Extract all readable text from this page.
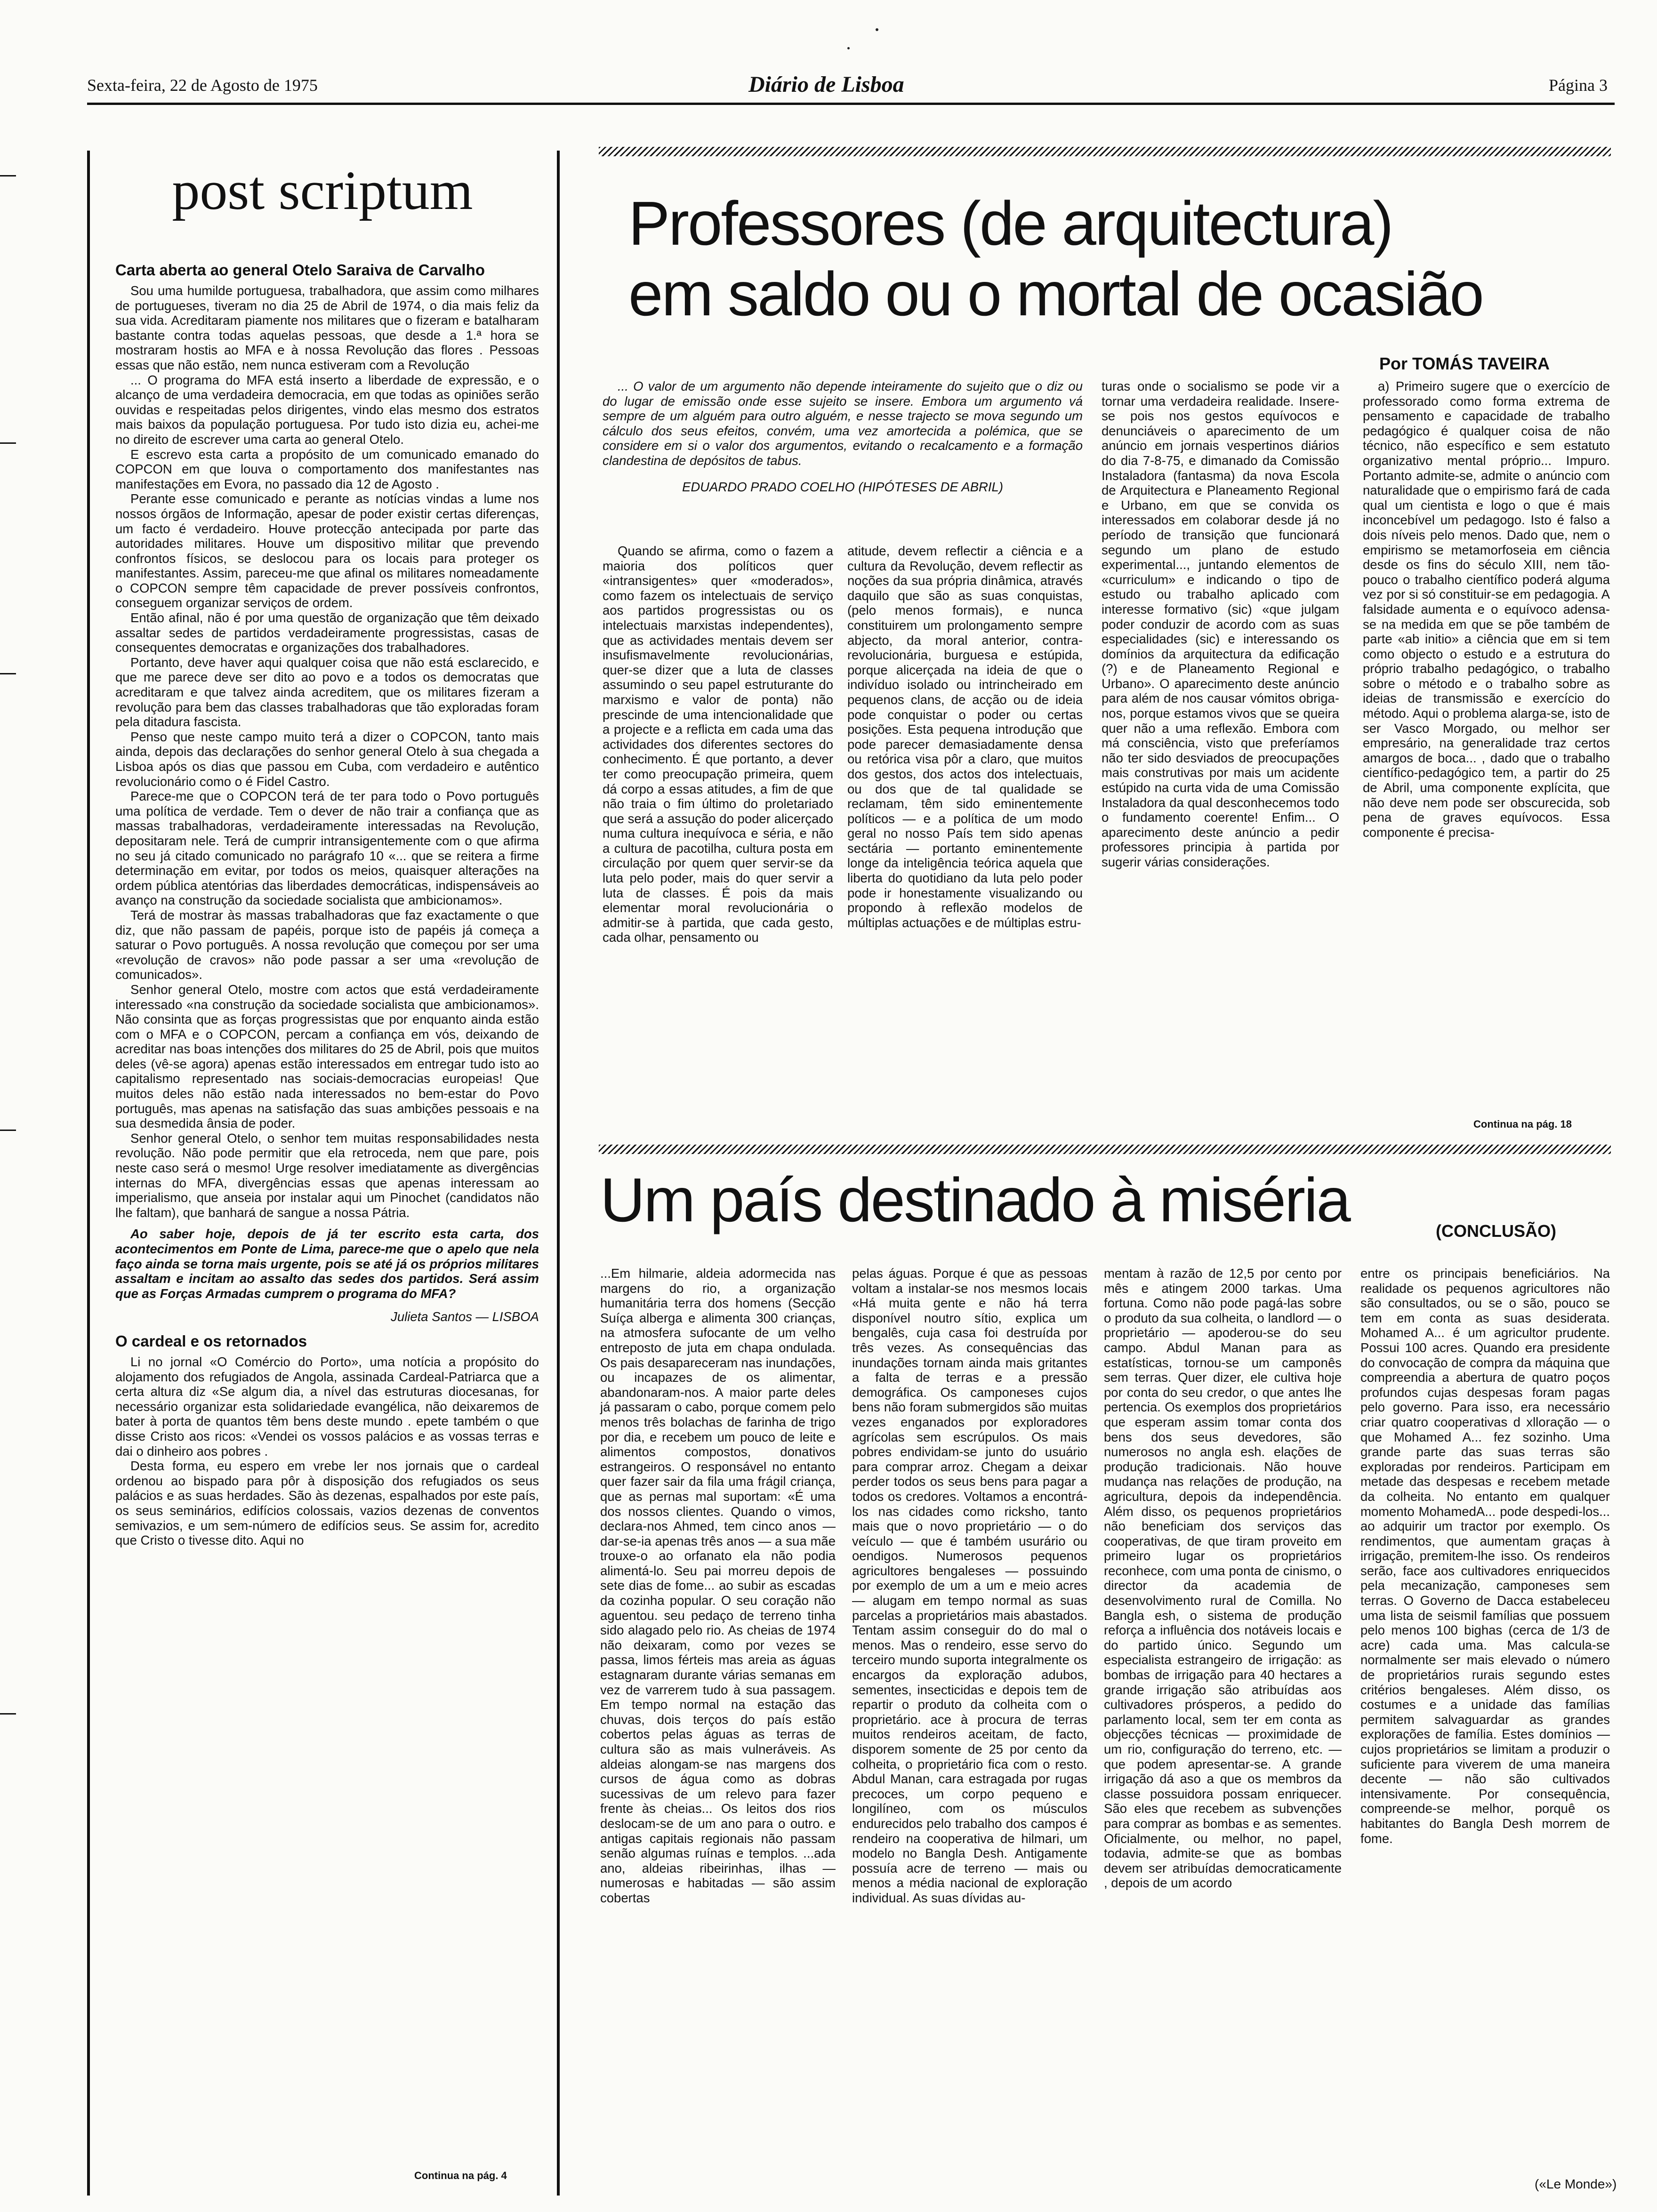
Sexta-feira, 22 de Agosto de 1975	Diário de Lisboa	Página 3
post scriptum

Carta aberta ao general Otelo Saraiva de Carvalho

Sou uma humilde portuguesa, trabalhadora, que assim como milhares de portugueses, tiveram no dia 25 de Abril de 1974, o dia mais feliz da sua vida. Acreditaram piamente nos militares que o fizeram e batalharam bastante contra todas aquelas pessoas, que desde a 1.ª hora se mostraram hostis ao MFA e à nossa Revolução das flores . Pessoas essas que não estão, nem nunca estiveram com a Revolução

... O programa do MFA está inserto a liberdade de expressão, e o alcanço de uma verdadeira democracia, em que todas as opiniões serão ouvidas e respeitadas pelos dirigentes, vindo elas mesmo dos estratos mais baixos da população portuguesa. Por tudo isto dizia eu, achei-me no direito de escrever uma carta ao general Otelo.

E escrevo esta carta a propósito de um comunicado emanado do COPCON em que louva o comportamento dos manifestantes nas manifestações em Evora, no passado dia 12 de Agosto .

Perante esse comunicado e perante as notícias vindas a lume nos nossos órgãos de Informação, apesar de poder existir certas diferenças, um facto é verdadeiro. Houve protecção antecipada por parte das autoridades militares. Houve um dispositivo militar que prevendo confrontos físicos, se deslocou para os locais para proteger os manifestantes. Assim, pareceu-me que afinal os militares nomeadamente o COPCON sempre têm capacidade de prever possíveis confrontos, conseguem organizar serviços de ordem.

Então afinal, não é por uma questão de organização que têm deixado assaltar sedes de partidos verdadeiramente progressistas, casas de consequentes democratas e organizações dos trabalhadores.

Portanto, deve haver aqui qualquer coisa que não está esclarecido, e que me parece deve ser dito ao povo e a todos os democratas que acreditaram e que talvez ainda acreditem, que os militares fizeram a revolução para bem das classes trabalhadoras que tão exploradas foram pela ditadura fascista.

Penso que neste campo muito terá a dizer o COPCON, tanto mais ainda, depois das declarações do senhor general Otelo à sua chegada a Lisboa após os dias que passou em Cuba, com verdadeiro e autêntico revolucionário como o é Fidel Castro.

Parece-me que o COPCON terá de ter para todo o Povo português uma política de verdade. Tem o dever de não trair a confiança que as massas trabalhadoras, verdadeiramente interessadas na Revolução, depositaram nele. Terá de cumprir intransigentemente com o que afirma no seu já citado comunicado no parágrafo 10 «... que se reitera a firme determinação em evitar, por todos os meios, quaisquer alterações na ordem pública atentórias das liberdades democráticas, indispensáveis ao avanço na construção da sociedade socialista que ambicionamos».

Terá de mostrar às massas trabalhadoras que faz exactamente o que diz, que não passam de papéis, porque isto de papéis já começa a saturar o Povo português. A nossa revolução que começou por ser uma «revolução de cravos» não pode passar a ser uma «revolução de comunicados».

Senhor general Otelo, mostre com actos que está verdadeiramente interessado «na construção da sociedade socialista que ambicionamos». Não consinta que as forças progressistas que por enquanto ainda estão com o MFA e o COPCON, percam a confiança em vós, deixando de acreditar nas boas intenções dos militares do 25 de Abril, pois que muitos deles (vê-se agora) apenas estão interessados em entregar tudo isto ao capitalismo representado nas sociais-democracias europeias! Que muitos deles não estão nada interessados no bem-estar do Povo português, mas apenas na satisfação das suas ambições pessoais e na sua desmedida ânsia de poder.

Senhor general Otelo, o senhor tem muitas responsabilidades nesta revolução. Não pode permitir que ela retroceda, nem que pare, pois neste caso será o mesmo! Urge resolver imediatamente as divergências internas do MFA, divergências essas que apenas interessam ao imperialismo, que anseia por instalar aqui um Pinochet (candidatos não lhe faltam), que banhará de sangue a nossa Pátria.

Ao saber hoje, depois de já ter escrito esta carta, dos acontecimentos em Ponte de Lima, parece-me que o apelo que nela faço ainda se torna mais urgente, pois se até já os próprios militares assaltam e incitam ao assalto das sedes dos partidos. Será assim que as Forças Armadas cumprem o programa do MFA?

Julieta Santos — LISBOA

O cardeal e os retornados

Li no jornal «O Comércio do Porto», uma notícia a propósito do alojamento dos refugiados de Angola, assinada Cardeal-Patriarca que a certa altura diz «Se algum dia, a nível das estruturas diocesanas, for necessário organizar esta solidariedade evangélica, não deixaremos de bater à porta de quantos têm bens deste mundo . epete também o que disse Cristo aos ricos: «Vendei os vossos palácios e as vossas terras e dai o dinheiro aos pobres .

Desta forma, eu espero em vrebe ler nos jornais que o cardeal ordenou ao bispado para pôr à disposição dos refugiados os seus palácios e as suas herdades. São às dezenas, espalhados por este país, os seus seminários, edifícios colossais, vazios dezenas de conventos semivazios, e um sem-número de edifícios seus. Se assim for, acredito que Cristo o tivesse dito. Aqui no

Continua na pág. 4
Professores (de arquitectura)
em saldo ou o mortal de ocasião
Por TOMÁS TAVEIRA

... O valor de um argumento não depende inteiramente do sujeito que o diz ou do lugar de emissão onde esse sujeito se insere. Embora um argumento vá sempre de um alguém para outro alguém, e nesse trajecto se mova segundo um cálculo dos seus efeitos, convém, uma vez amortecida a polémica, que se considere em si o valor dos argumentos, evitando o recalcamento e a formação clandestina de depósitos de tabus.

EDUARDO PRADO COELHO (HIPÓTESES DE ABRIL)

Quando se afirma, como o fazem a maioria dos políticos quer «intransigentes» quer «moderados», como fazem os intelectuais de serviço aos partidos progressistas ou os intelectuais marxistas independentes), que as actividades mentais devem ser insufismavelmente revolucionárias, quer-se dizer que a luta de classes assumindo o seu papel estruturante do marxismo e valor de ponta) não prescinde de uma intencionalidade que a projecte e a reflicta em cada uma das actividades dos diferentes sectores do conhecimento. É que portanto, a dever ter como preocupação primeira, quem dá corpo a essas atitudes, a fim de que não traia o fim último do proletariado que será a assução do poder alicerçado numa cultura inequívoca e séria, e não a cultura de pacotilha, cultura posta em circulação por quem quer servir-se da luta pelo poder, mais do quer servir a luta de classes. É pois da mais elementar moral revolucionária o admitir-se à partida, que cada gesto, cada olhar, pensamento ou

atitude, devem reflectir a ciência e a cultura da Revolução, devem reflectir as noções da sua própria dinâmica, através daquilo que são as suas conquistas, (pelo menos formais), e nunca constituirem um prolongamento sempre abjecto, da moral anterior, contra-revolucionária, burguesa e estúpida, porque alicerçada na ideia de que o indivíduo isolado ou intrincheirado em pequenos clans, de acção ou de ideia pode conquistar o poder ou certas posições. Esta pequena introdução que pode parecer demasiadamente densa ou retórica visa pôr a claro, que muitos dos gestos, dos actos dos intelectuais, ou dos que de tal qualidade se reclamam, têm sido eminentemente políticos — e a política de um modo geral no nosso País tem sido apenas sectária — portanto eminentemente longe da inteligência teórica aquela que liberta do quotidiano da luta pelo poder pode ir honestamente visualizando ou propondo à reflexão modelos de múltiplas actuações e de múltiplas estru-

turas onde o socialismo se pode vir a tornar uma verdadeira realidade. Insere-se pois nos gestos equívocos e denunciáveis o aparecimento de um anúncio em jornais vespertinos diários do dia 7-8-75, e dimanado da Comissão Instaladora (fantasma) da nova Escola de Arquitectura e Planeamento Regional e Urbano, em que se convida os interessados em colaborar desde já no período de transição que funcionará segundo um plano de estudo experimental..., juntando elementos de «curriculum» e indicando o tipo de estudo ou trabalho aplicado com interesse formativo (sic) «que julgam poder conduzir de acordo com as suas especialidades (sic) e interessando os domínios da arquitectura da edificação (?) e de Planeamento Regional e Urbano». O aparecimento deste anúncio para além de nos causar vómitos obriga-nos, porque estamos vivos que se queira quer não a uma reflexão. Embora com má consciência, visto que preferíamos não ter sido desviados de preocupações mais construtivas por mais um acidente estúpido na curta vida de uma Comissão Instaladora da qual desconhecemos todo o fundamento coerente! Enfim... O aparecimento deste anúncio a pedir professores principia à partida por sugerir várias considerações.

a) Primeiro sugere que o exercício de professorado como forma extrema de pensamento e capacidade de trabalho pedagógico é qualquer coisa de não técnico, não específico e sem estatuto organizativo mental próprio... Impuro. Portanto admite-se, admite o anúncio com naturalidade que o empirismo fará de cada qual um cientista e logo o que é mais inconcebível um pedagogo. Isto é falso a dois níveis pelo menos. Dado que, nem o empirismo se metamorfoseia em ciência desde os fins do século XIII, nem tão-pouco o trabalho científico poderá alguma vez por si só constituir-se em pedagogia. A falsidade aumenta e o equívoco adensa-se na medida em que se põe também de parte «ab initio» a ciência que em si tem como objecto o estudo e a estrutura do próprio trabalho pedagógico, o trabalho sobre o método e o trabalho sobre as ideias de transmissão e exercício do método. Aqui o problema alarga-se, isto de ser Vasco Morgado, ou melhor ser empresário, na generalidade traz certos amargos de boca... , dado que o trabalho científico-pedagógico tem, a partir do 25 de Abril, uma componente explícita, que não deve nem pode ser obscurecida, sob pena de graves equívocos. Essa componente é precisa-

Continua na pág. 18
Um país destinado à miséria	(CONCLUSÃO)

...Em hilmarie, aldeia adormecida nas margens do rio, a organização humanitária terra dos homens (Secção Suíça alberga e alimenta 300 crianças, na atmosfera sufocante de um velho entreposto de juta em chapa ondulada. Os pais desapareceram nas inundações, ou incapazes de os alimentar, abandonaram-nos. A maior parte deles já passaram o cabo, porque comem pelo menos três bolachas de farinha de trigo por dia, e recebem um pouco de leite e alimentos compostos, donativos estrangeiros. O responsável no entanto quer fazer sair da fila uma frágil criança, que as pernas mal suportam: «É uma dos nossos clientes. Quando o vimos, declara-nos Ahmed, tem cinco anos — dar-se-ia apenas três anos — a sua mãe trouxe-o ao orfanato ela não podia alimentá-lo. Seu pai morreu depois de sete dias de fome... ao subir as escadas da cozinha popular. O seu coração não aguentou. seu pedaço de terreno tinha sido alagado pelo rio. As cheias de 1974 não deixaram, como por vezes se passa, limos férteis mas areia as águas estagnaram durante várias semanas em vez de varrerem tudo à sua passagem. Em tempo normal na estação das chuvas, dois terços do país estão cobertos pelas águas as terras de cultura são as mais vulneráveis. As aldeias alongam-se nas margens dos cursos de água como as dobras sucessivas de um relevo para fazer frente às cheias... Os leitos dos rios deslocam-se de um ano para o outro. e antigas capitais regionais não passam senão algumas ruínas e templos. ...ada ano, aldeias ribeirinhas, ilhas — numerosas e habitadas — são assim cobertas

pelas águas. Porque é que as pessoas voltam a instalar-se nos mesmos locais «Há muita gente e não há terra disponível noutro sítio, explica um bengalês, cuja casa foi destruída por três vezes. As consequências das inundações tornam ainda mais gritantes a falta de terras e a pressão demográfica. Os camponeses cujos bens não foram submergidos são muitas vezes enganados por exploradores agrícolas sem escrúpulos. Os mais pobres endividam-se junto do usuário para comprar arroz. Chegam a deixar perder todos os seus bens para pagar a todos os credores. Voltamos a encontrá-los nas cidades como ricksho, tanto mais que o novo proprietário — o do veículo — que é também usurário ou oendigos. Numerosos pequenos agricultores bengaleses — possuindo por exemplo de um a um e meio acres — alugam em tempo normal as suas parcelas a proprietários mais abastados. Tentam assim conseguir do do mal o menos. Mas o rendeiro, esse servo do terceiro mundo suporta integralmente os encargos da exploração adubos, sementes, insecticidas e depois tem de repartir o produto da colheita com o proprietário. ace à procura de terras muitos rendeiros aceitam, de facto, disporem somente de 25 por cento da colheita, o proprietário fica com o resto. Abdul Manan, cara estragada por rugas precoces, um corpo pequeno e longilíneo, com os músculos endurecidos pelo trabalho dos campos é rendeiro na cooperativa de hilmari, um modelo no Bangla Desh. Antigamente possuía acre de terreno — mais ou menos a média nacional de exploração individual. As suas dívidas au-

mentam à razão de 12,5 por cento por mês e atingem 2000 tarkas. Uma fortuna. Como não pode pagá-las sobre o produto da sua colheita, o landlord — o proprietário — apoderou-se do seu campo. Abdul Manan para as estatísticas, tornou-se um camponês sem terras. Quer dizer, ele cultiva hoje por conta do seu credor, o que antes lhe pertencia. Os exemplos dos proprietários que esperam assim tomar conta dos bens dos seus devedores, são numerosos no angla esh. elações de produção tradicionais. Não houve mudança nas relações de produção, na agricultura, depois da independência. Além disso, os pequenos proprietários não beneficiam dos serviços das cooperativas, de que tiram proveito em primeiro lugar os proprietários reconhece, com uma ponta de cinismo, o director da academia de desenvolvimento rural de Comilla. No Bangla esh, o sistema de produção reforça a influência dos notáveis locais e do partido único. Segundo um especialista estrangeiro de irrigação: as bombas de irrigação para 40 hectares a grande irrigação são atribuídas aos cultivadores prósperos, a pedido do parlamento local, sem ter em conta as objecções técnicas — proximidade de um rio, configuração do terreno, etc. — que podem apresentar-se. A grande irrigação dá aso a que os membros da classe possuidora possam enriquecer. São eles que recebem as subvenções para comprar as bombas e as sementes. Oficialmente, ou melhor, no papel, todavia, admite-se que as bombas devem ser atribuídas democraticamente , depois de um acordo

entre os principais beneficiários. Na realidade os pequenos agricultores não são consultados, ou se o são, pouco se tem em conta as suas desiderata. Mohamed A... é um agricultor prudente. Possui 100 acres. Quando era presidente do convocação de compra da máquina que compreendia a abertura de quatro poços profundos cujas despesas foram pagas pelo governo. Para isso, era necessário criar quatro cooperativas d xlloração — o que Mohamed A... fez sozinho. Uma grande parte das suas terras são exploradas por rendeiros. Participam em metade das despesas e recebem metade da colheita. No entanto em qualquer momento MohamedA... pode despedi-los... ao adquirir um tractor por exemplo. Os rendimentos, que aumentam graças à irrigação, premitem-lhe isso. Os rendeiros serão, face aos cultivadores enriquecidos pela mecanização, camponeses sem terras. O Governo de Dacca estabeleceu uma lista de seismil famílias que possuem pelo menos 100 bighas (cerca de 1/3 de acre) cada uma. Mas calcula-se normalmente ser mais elevado o número de proprietários rurais segundo estes critérios bengaleses. Além disso, os costumes e a unidade das famílias permitem salvaguardar as grandes explorações de família. Estes domínios — cujos proprietários se limitam a produzir o suficiente para viverem de uma maneira decente — não são cultivados intensivamente. Por consequência, compreende-se melhor, porquê os habitantes do Bangla Desh morrem de fome.

(«Le Monde»)
